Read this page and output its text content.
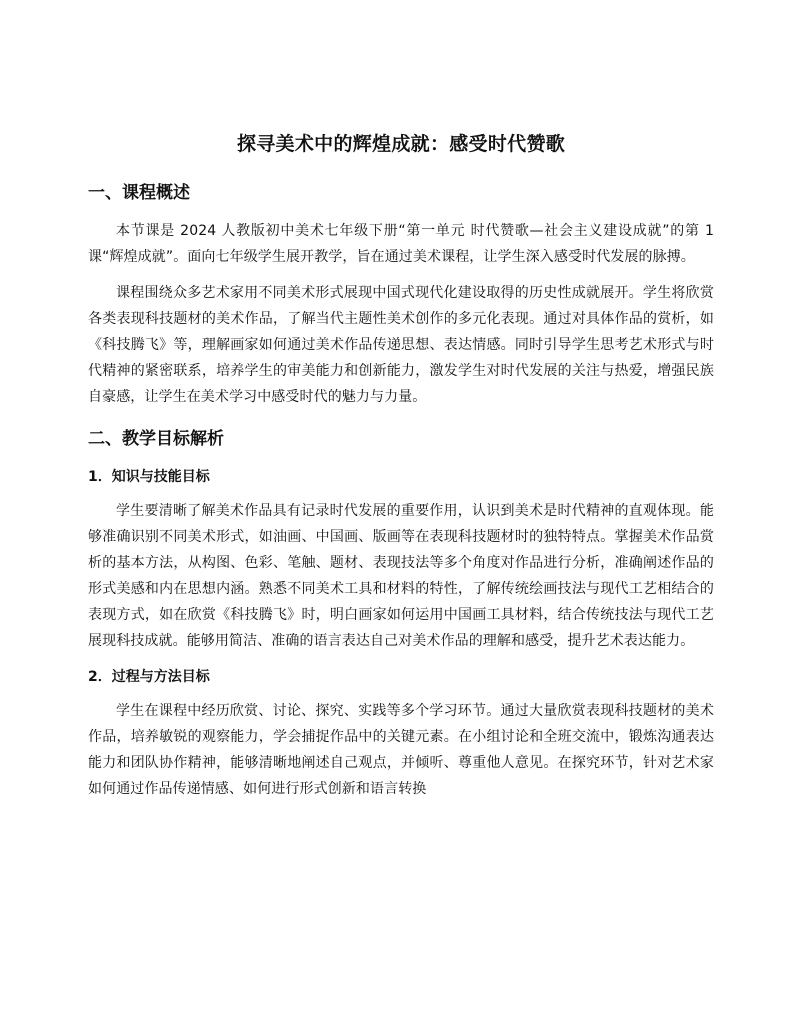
探寻美术中的辉煌成就：感受时代赞歌
一、课程概述

本节课是 2024 人教版初中美术七年级下册“第一单元 时代赞歌—社会主义建设成就”的第 1 课“辉煌成就”。面向七年级学生展开教学，旨在通过美术课程，让学生深入感受时代发展的脉搏。

课程围绕众多艺术家用不同美术形式展现中国式现代化建设取得的历史性成就展开。学生将欣赏各类表现科技题材的美术作品，了解当代主题性美术创作的多元化表现。通过对具体作品的赏析，如《科技腾飞》等，理解画家如何通过美术作品传递思想、表达情感。同时引导学生思考艺术形式与时代精神的紧密联系，培养学生的审美能力和创新能力，激发学生对时代发展的关注与热爱，增强民族自豪感，让学生在美术学习中感受时代的魅力与力量。

二、教学目标解析
1．知识与技能目标

学生要清晰了解美术作品具有记录时代发展的重要作用，认识到美术是时代精神的直观体现。能够准确识别不同美术形式，如油画、中国画、版画等在表现科技题材时的独特特点。掌握美术作品赏析的基本方法，从构图、色彩、笔触、题材、表现技法等多个角度对作品进行分析，准确阐述作品的形式美感和内在思想内涵。熟悉不同美术工具和材料的特性，了解传统绘画技法与现代工艺相结合的表现方式，如在欣赏《科技腾飞》时，明白画家如何运用中国画工具材料，结合传统技法与现代工艺展现科技成就。能够用简洁、准确的语言表达自己对美术作品的理解和感受，提升艺术表达能力。

2．过程与方法目标

学生在课程中经历欣赏、讨论、探究、实践等多个学习环节。通过大量欣赏表现科技题材的美术作品，培养敏锐的观察能力，学会捕捉作品中的关键元素。在小组讨论和全班交流中，锻炼沟通表达能力和团队协作精神，能够清晰地阐述自己观点，并倾听、尊重他人意见。在探究环节，针对艺术家如何通过作品传递情感、如何进行形式创新和语言转换
